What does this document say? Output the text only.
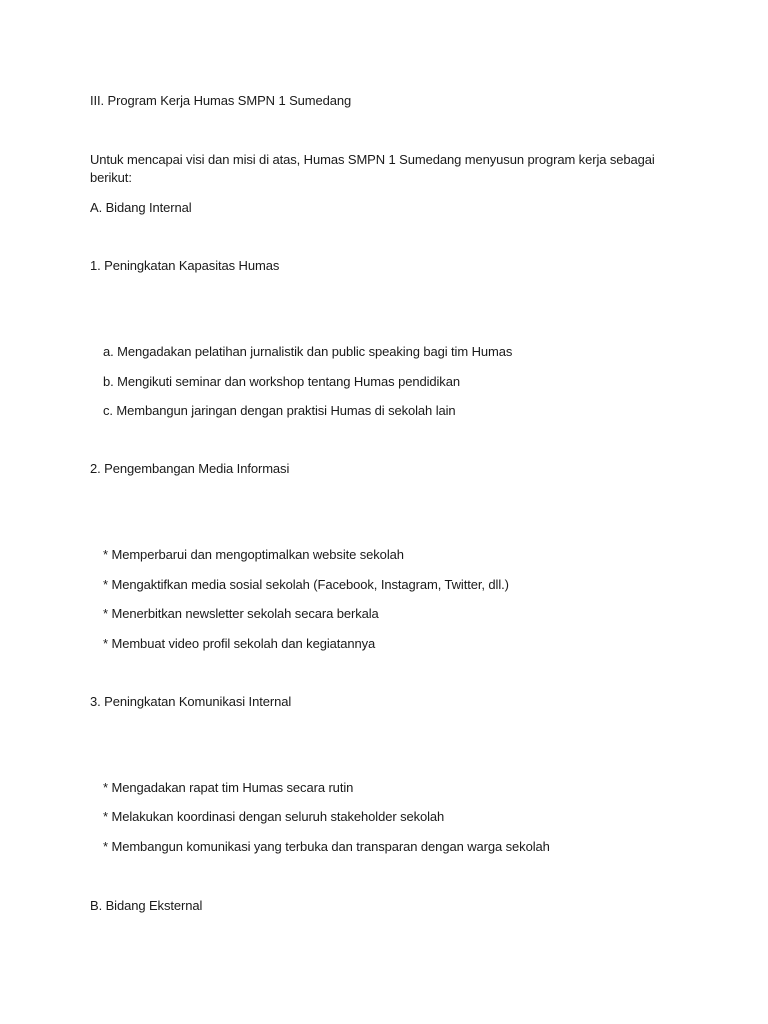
III. Program Kerja Humas SMPN 1 Sumedang
Untuk mencapai visi dan misi di atas, Humas SMPN 1 Sumedang menyusun program kerja sebagai berikut:
A. Bidang Internal
1. Peningkatan Kapasitas Humas
a. Mengadakan pelatihan jurnalistik dan public speaking bagi tim Humas
b. Mengikuti seminar dan workshop tentang Humas pendidikan
c. Membangun jaringan dengan praktisi Humas di sekolah lain
2. Pengembangan Media Informasi
* Memperbarui dan mengoptimalkan website sekolah
* Mengaktifkan media sosial sekolah (Facebook, Instagram, Twitter, dll.)
* Menerbitkan newsletter sekolah secara berkala
* Membuat video profil sekolah dan kegiatannya
3. Peningkatan Komunikasi Internal
* Mengadakan rapat tim Humas secara rutin
* Melakukan koordinasi dengan seluruh stakeholder sekolah
* Membangun komunikasi yang terbuka dan transparan dengan warga sekolah
B. Bidang Eksternal
